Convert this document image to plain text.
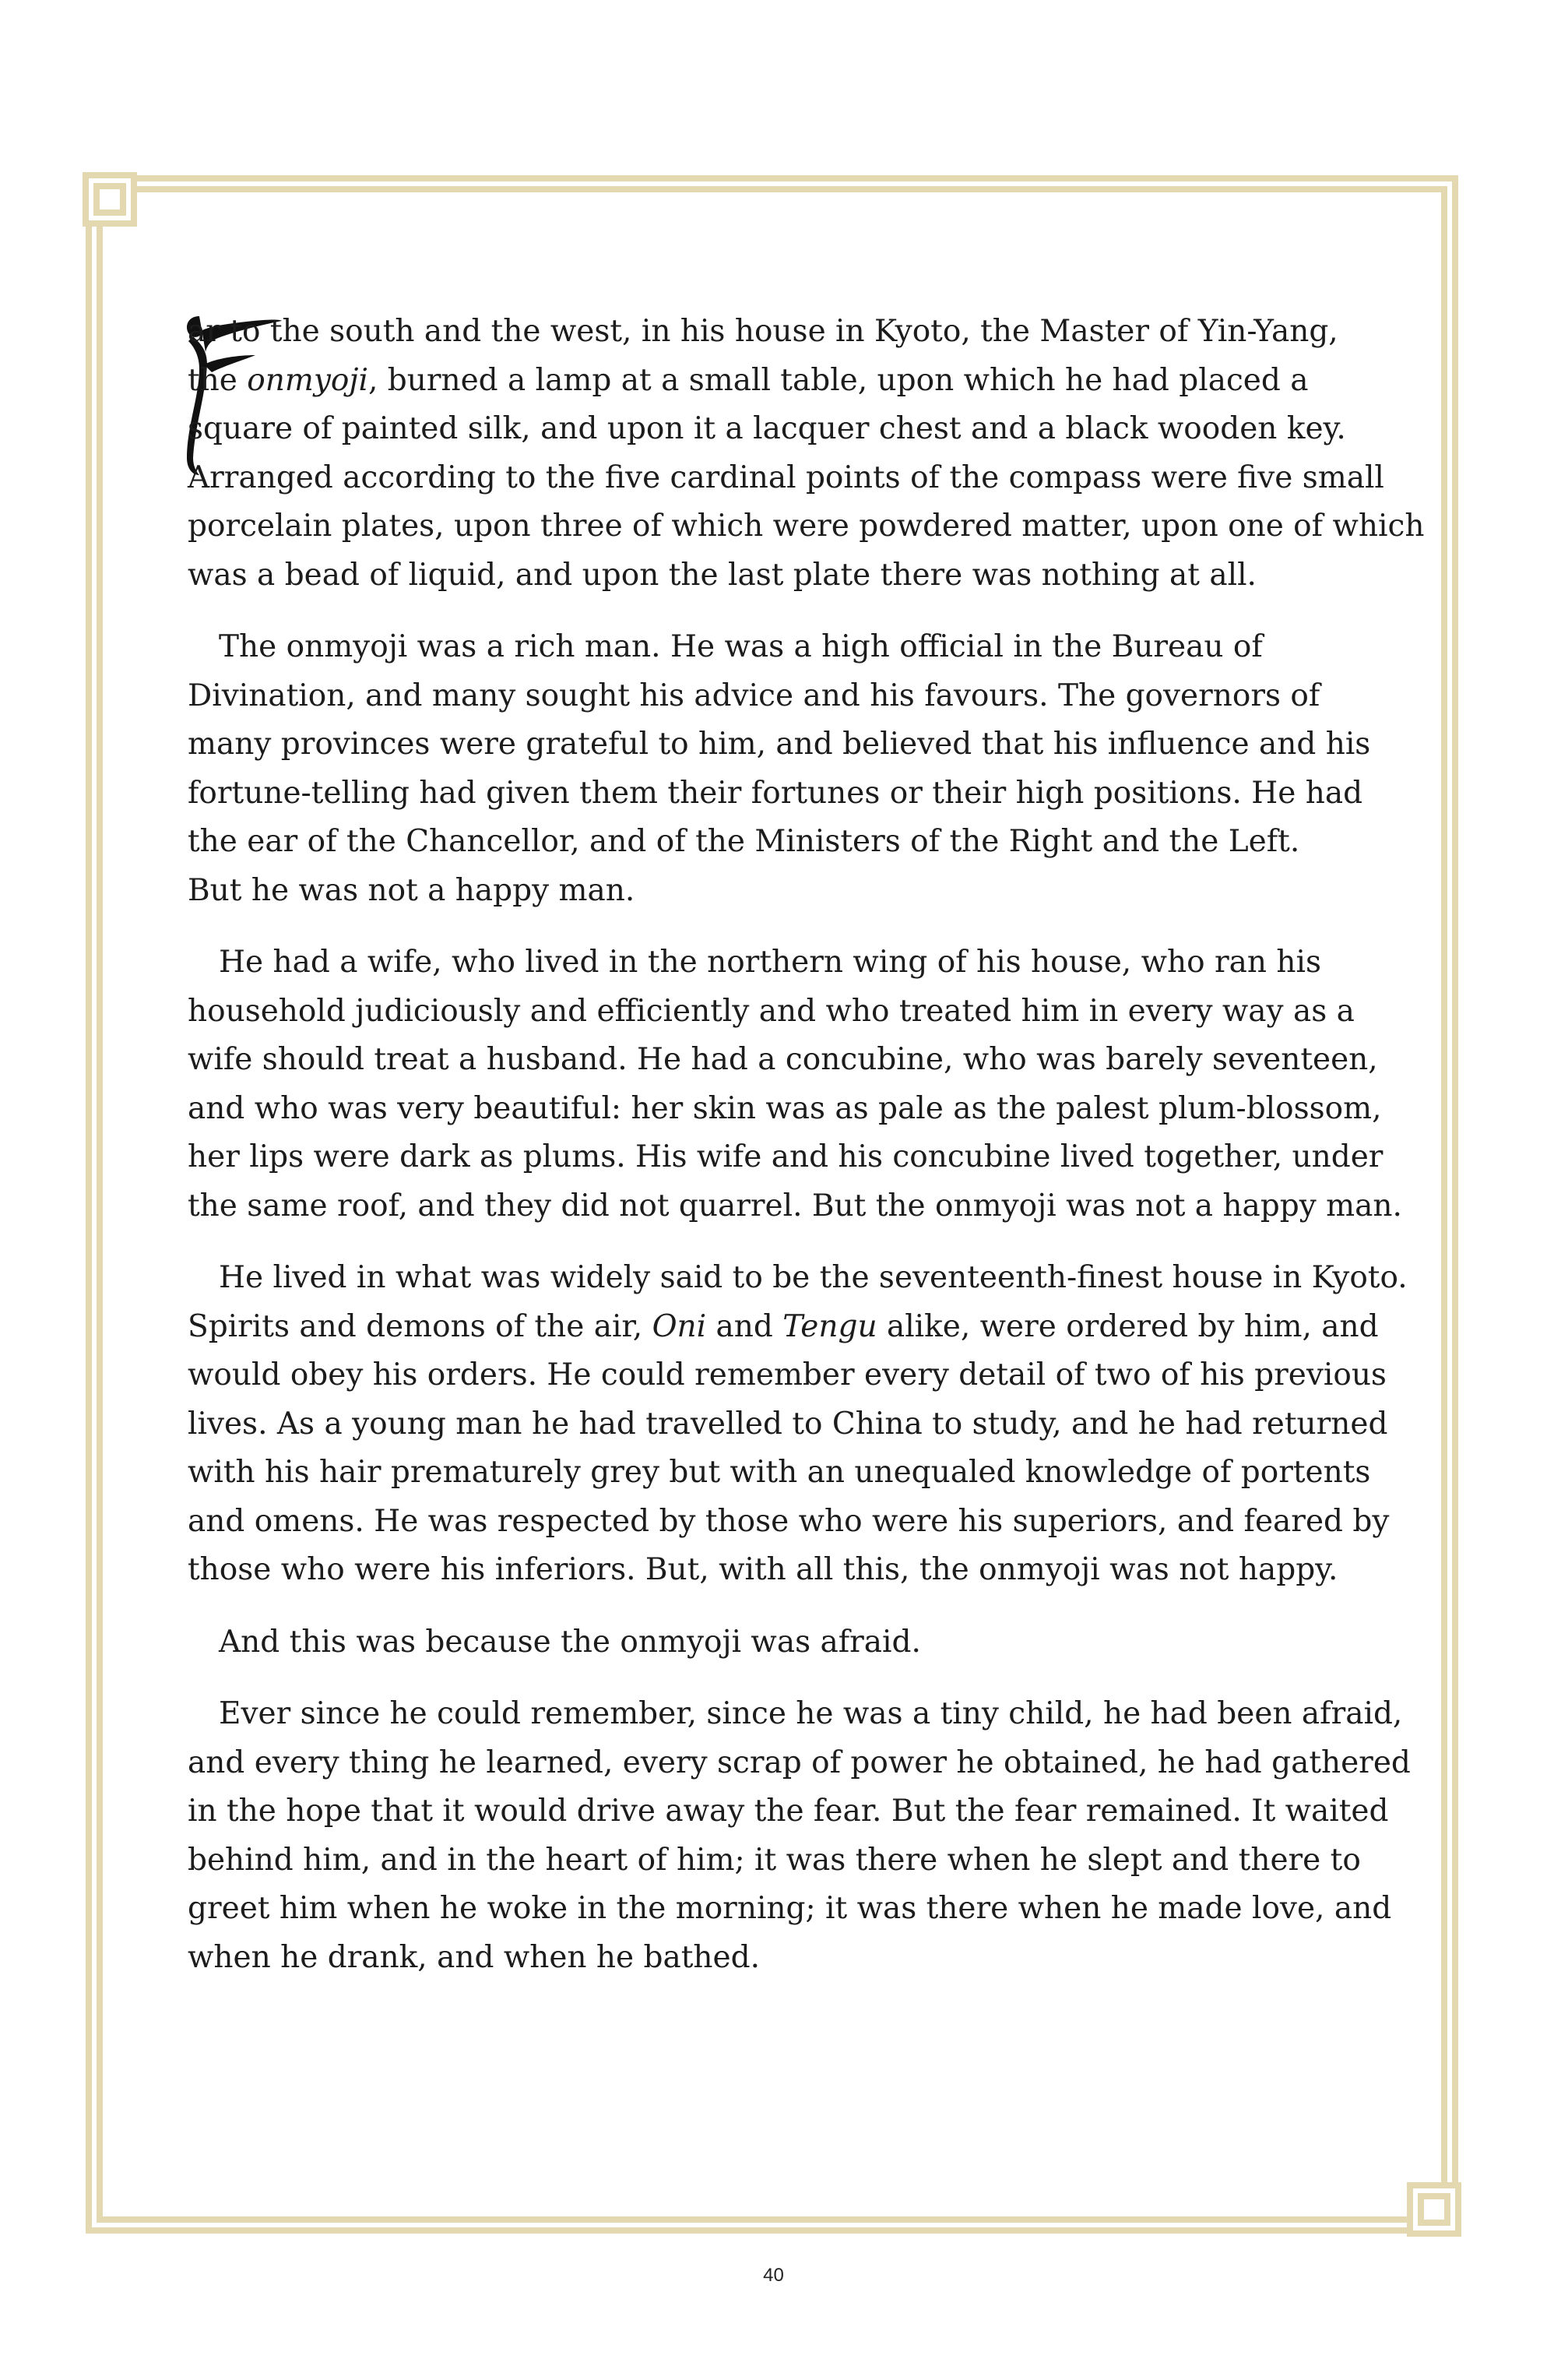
ar to the south and the west, in his house in Kyoto, the Master of Yin-Yang,
the onmyoji, burned a lamp at a small table, upon which he had placed a
square of painted silk, and upon it a lacquer chest and a black wooden key.
Arranged according to the five cardinal points of the compass were five small
porcelain plates, upon three of which were powdered matter, upon one of which
was a bead of liquid, and upon the last plate there was nothing at all.

The onmyoji was a rich man. He was a high official in the Bureau of
Divination, and many sought his advice and his favours. The governors of
many provinces were grateful to him, and believed that his influence and his
fortune-telling had given them their fortunes or their high positions. He had
the ear of the Chancellor, and of the Ministers of the Right and the Left.
But he was not a happy man.

He had a wife, who lived in the northern wing of his house, who ran his
household judiciously and efficiently and who treated him in every way as a
wife should treat a husband. He had a concubine, who was barely seventeen,
and who was very beautiful: her skin was as pale as the palest plum-blossom,
her lips were dark as plums. His wife and his concubine lived together, under
the same roof, and they did not quarrel. But the onmyoji was not a happy man.

He lived in what was widely said to be the seventeenth-finest house in Kyoto.
Spirits and demons of the air, Oni and Tengu alike, were ordered by him, and
would obey his orders. He could remember every detail of two of his previous
lives. As a young man he had travelled to China to study, and he had returned
with his hair prematurely grey but with an unequaled knowledge of portents
and omens. He was respected by those who were his superiors, and feared by
those who were his inferiors. But, with all this, the onmyoji was not happy.

And this was because the onmyoji was afraid.

Ever since he could remember, since he was a tiny child, he had been afraid,
and every thing he learned, every scrap of power he obtained, he had gathered
in the hope that it would drive away the fear. But the fear remained. It waited
behind him, and in the heart of him; it was there when he slept and there to
greet him when he woke in the morning; it was there when he made love, and
when he drank, and when he bathed.

40
